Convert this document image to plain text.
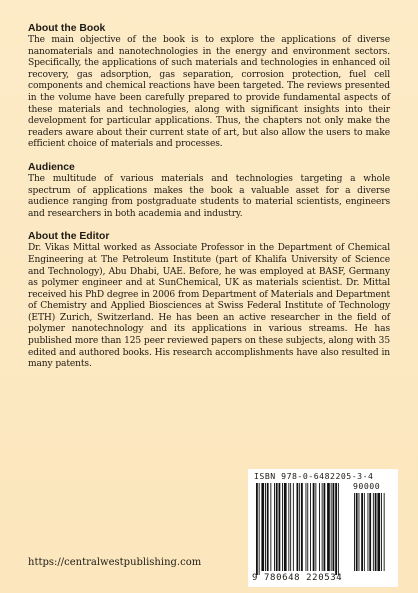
About the Book

The main objective of the book is to explore the applications of diverse nanomaterials and nanotechnologies in the energy and environment sectors. Specifically, the applications of such materials and technologies in enhanced oil recovery, gas adsorption, gas separation, corrosion protection, fuel cell components and chemical reactions have been targeted. The reviews presented in the volume have been carefully prepared to provide fundamental aspects of these materials and technologies, along with significant insights into their development for particular applications. Thus, the chapters not only make the readers aware about their current state of art, but also allow the users to make efficient choice of materials and processes.

Audience

The multitude of various materials and technologies targeting a whole spectrum of applications makes the book a valuable asset for a diverse audience ranging from postgraduate students to material scientists, engineers and researchers in both academia and industry.

About the Editor

Dr. Vikas Mittal worked as Associate Professor in the Department of Chemical Engineering at The Petroleum Institute (part of Khalifa University of Science and Technology), Abu Dhabi, UAE. Before, he was employed at BASF, Germany as polymer engineer and at SunChemical, UK as materials scientist. Dr. Mittal received his PhD degree in 2006 from Department of Materials and Department of Chemistry and Applied Biosciences at Swiss Federal Institute of Technology (ETH) Zurich, Switzerland. He has been an active researcher in the field of polymer nanotechnology and its applications in various streams. He has published more than 125 peer reviewed papers on these subjects, along with 35 edited and authored books. His research accomplishments have also resulted in many patents.

https://centralwestpublishing.com
ISBN 978-0-6482205-3-4
90000
9 780648 220534
